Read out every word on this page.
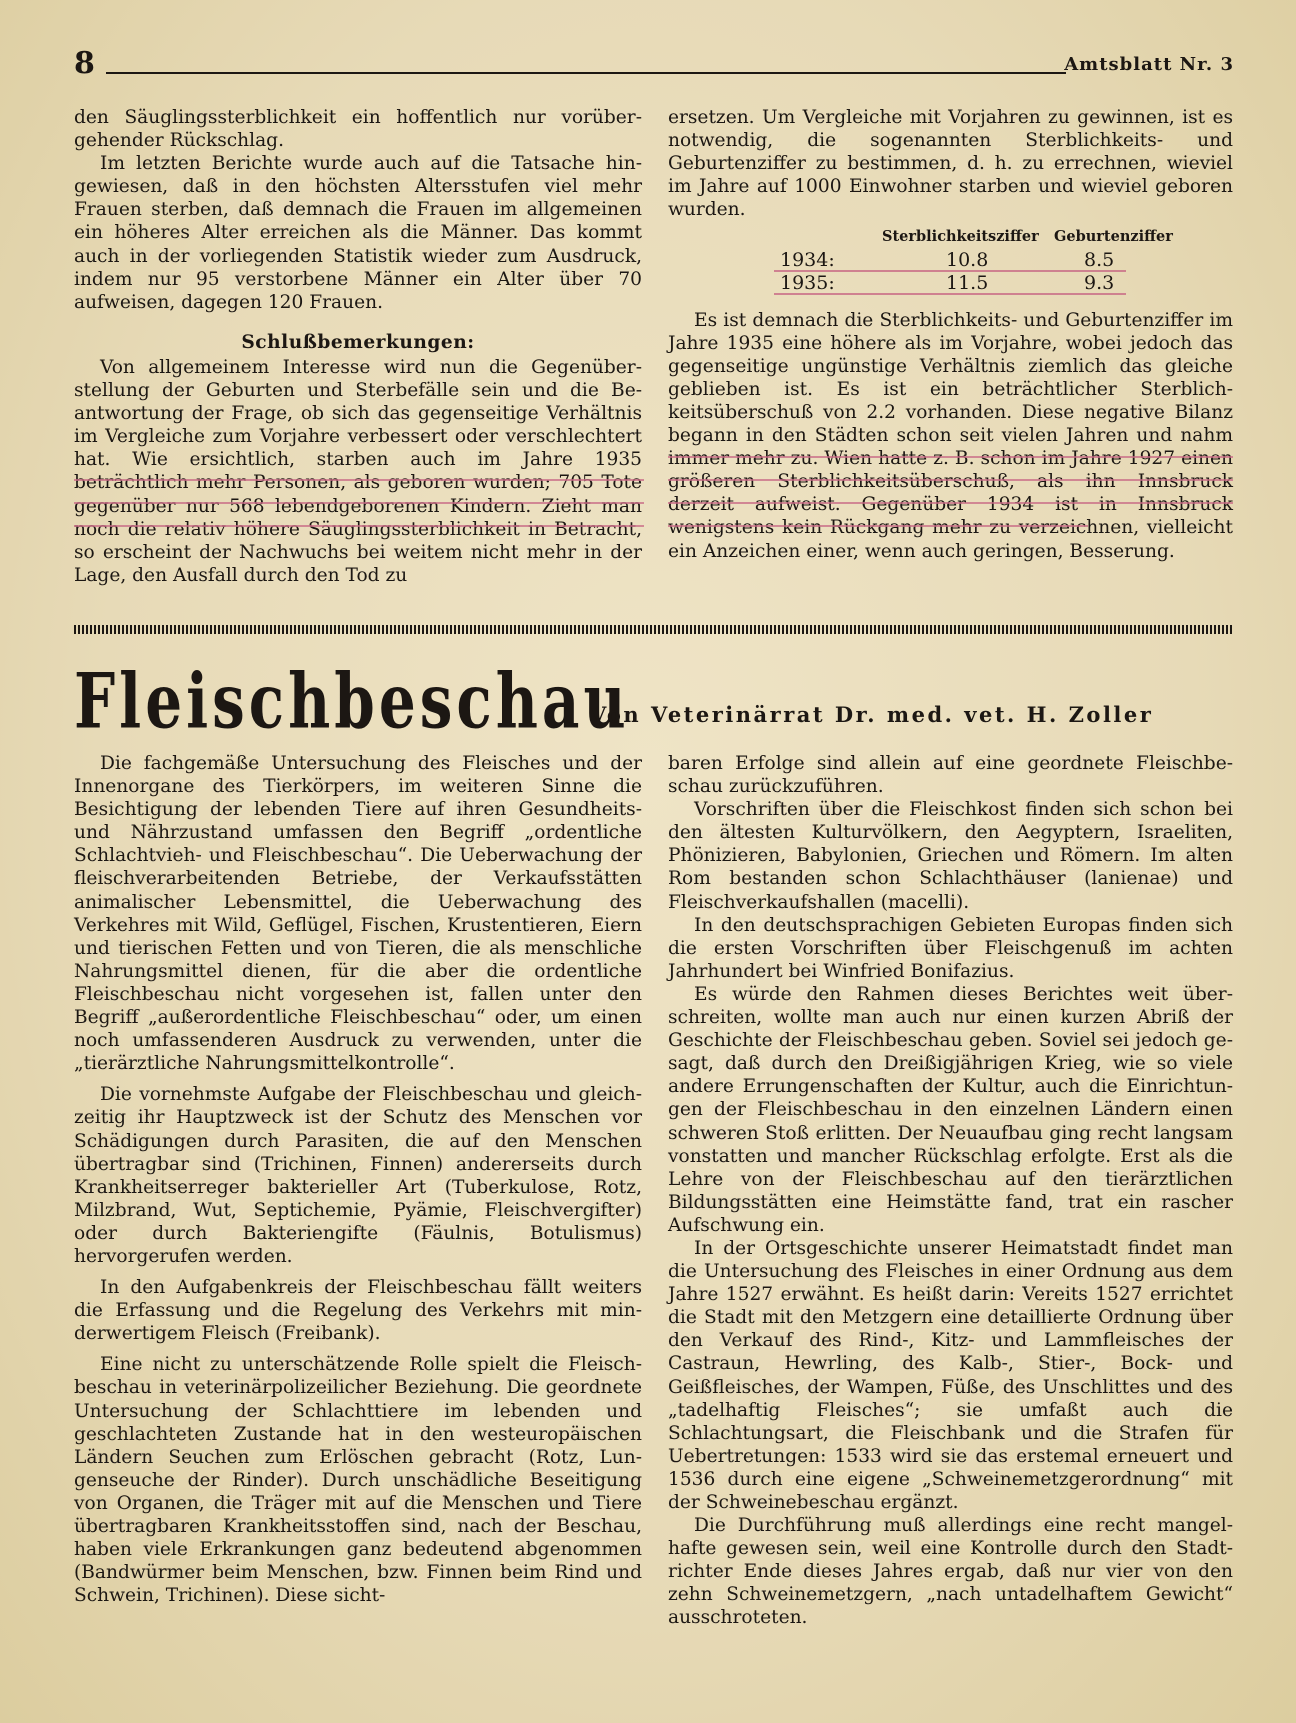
8	Amtsblatt Nr. 3

den Säuglingssterblichkeit ein hoffentlich nur vorübergehender Rückschlag.

Im letzten Berichte wurde auch auf die Tatsache hingewiesen, daß in den höchsten Altersstufen viel mehr Frauen sterben, daß demnach die Frauen im allgemeinen ein höheres Alter erreichen als die Männer. Das kommt auch in der vorliegenden Statistik wieder zum Ausdruck, indem nur 95 verstorbene Männer ein Alter über 70 aufweisen, dagegen 120 Frauen.

Schlußbemerkungen:

Von allgemeinem Interesse wird nun die Gegenüberstellung der Geburten und Sterbefälle sein und die Beantwortung der Frage, ob sich das gegenseitige Verhältnis im Vergleiche zum Vorjahre verbessert oder verschlechtert hat. Wie ersichtlich, starben auch im Jahre 1935 beträchtlich mehr Personen, als geboren wurden; 705 Tote gegenüber nur 568 lebendgeborenen Kindern. Zieht man noch die relativ höhere Säuglingssterblichkeit in Betracht, so erscheint der Nachwuchs bei weitem nicht mehr in der Lage, den Ausfall durch den Tod zu

ersetzen. Um Vergleiche mit Vorjahren zu gewinnen, ist es notwendig, die sogenannten Sterblichkeits- und Geburtenziffer zu bestimmen, d. h. zu errechnen, wieviel im Jahre auf 1000 Einwohner starben und wieviel geboren wurden.

Sterblichkeitsziffer	Geburtenziffer
1934:	10.8	8.5
1935:	11.5	9.3

Es ist demnach die Sterblichkeits- und Geburtenziffer im Jahre 1935 eine höhere als im Vorjahre, wobei jedoch das gegenseitige ungünstige Verhältnis ziemlich das gleiche geblieben ist. Es ist ein beträchtlicher Sterblichkeitsüberschuß von 2.2 vorhanden. Diese negative Bilanz begann in den Städten schon seit vielen Jahren und nahm immer mehr zu. Wien hatte z. B. schon im Jahre 1927 einen größeren Sterblichkeitsüberschuß, als ihn Innsbruck derzeit aufweist. Gegenüber 1934 ist in Innsbruck wenigstens kein Rückgang mehr zu verzeichnen, vielleicht ein Anzeichen einer, wenn auch geringen, Besserung.

Fleischbeschau
Von Veterinärrat Dr. med. vet. H. Zoller

Die fachgemäße Untersuchung des Fleisches und der Innenorgane des Tierkörpers, im weiteren Sinne die Besichtigung der lebenden Tiere auf ihren Gesundheits- und Nährzustand umfassen den Begriff „ordentliche Schlachtvieh- und Fleischbeschau“. Die Ueberwachung der fleischverarbeitenden Betriebe, der Verkaufsstätten animalischer Lebensmittel, die Ueberwachung des Verkehres mit Wild, Geflügel, Fischen, Krustentieren, Eiern und tierischen Fetten und von Tieren, die als menschliche Nahrungsmittel dienen, für die aber die ordentliche Fleischbeschau nicht vorgesehen ist, fallen unter den Begriff „außerordentliche Fleischbeschau“ oder, um einen noch umfassenderen Ausdruck zu verwenden, unter die „tierärztliche Nahrungsmittelkontrolle“.

Die vornehmste Aufgabe der Fleischbeschau und gleichzeitig ihr Hauptzweck ist der Schutz des Menschen vor Schädigungen durch Parasiten, die auf den Menschen übertragbar sind (Trichinen, Finnen) andererseits durch Krankheitserreger bakterieller Art (Tuberkulose, Rotz, Milzbrand, Wut, Septichemie, Pyämie, Fleischvergifter) oder durch Bakteriengifte (Fäulnis, Botulismus) hervorgerufen werden.

In den Aufgabenkreis der Fleischbeschau fällt weiters die Erfassung und die Regelung des Verkehrs mit minderwertigem Fleisch (Freibank).

Eine nicht zu unterschätzende Rolle spielt die Fleischbeschau in veterinärpolizeilicher Beziehung. Die geordnete Untersuchung der Schlachttiere im lebenden und geschlachteten Zustande hat in den westeuropäischen Ländern Seuchen zum Erlöschen gebracht (Rotz, Lungenseuche der Rinder). Durch unschädliche Beseitigung von Organen, die Träger mit auf die Menschen und Tiere übertragbaren Krankheitsstoffen sind, nach der Beschau, haben viele Erkrankungen ganz bedeutend abgenommen (Bandwürmer beim Menschen, bzw. Finnen beim Rind und Schwein, Trichinen). Diese sicht-

baren Erfolge sind allein auf eine geordnete Fleischbeschau zurückzuführen.

Vorschriften über die Fleischkost finden sich schon bei den ältesten Kulturvölkern, den Aegyptern, Israeliten, Phönizieren, Babylonien, Griechen und Römern. Im alten Rom bestanden schon Schlachthäuser (lanienae) und Fleischverkaufshallen (macelli).

In den deutschsprachigen Gebieten Europas finden sich die ersten Vorschriften über Fleischgenuß im achten Jahrhundert bei Winfried Bonifazius.

Es würde den Rahmen dieses Berichtes weit überschreiten, wollte man auch nur einen kurzen Abriß der Geschichte der Fleischbeschau geben. Soviel sei jedoch gesagt, daß durch den Dreißigjährigen Krieg, wie so viele andere Errungenschaften der Kultur, auch die Einrichtungen der Fleischbeschau in den einzelnen Ländern einen schweren Stoß erlitten. Der Neuaufbau ging recht langsam vonstatten und mancher Rückschlag erfolgte. Erst als die Lehre von der Fleischbeschau auf den tierärztlichen Bildungsstätten eine Heimstätte fand, trat ein rascher Aufschwung ein.

In der Ortsgeschichte unserer Heimatstadt findet man die Untersuchung des Fleisches in einer Ordnung aus dem Jahre 1527 erwähnt. Es heißt darin: Vereits 1527 errichtet die Stadt mit den Metzgern eine detaillierte Ordnung über den Verkauf des Rind-, Kitz- und Lammfleisches der Castraun, Hewrling, des Kalb-, Stier-, Bock- und Geißfleisches, der Wampen, Füße, des Unschlittes und des „tadelhaftig Fleisches“; sie umfaßt auch die Schlachtungsart, die Fleischbank und die Strafen für Uebertretungen: 1533 wird sie das erstemal erneuert und 1536 durch eine eigene „Schweinemetzgerordnung“ mit der Schweinebeschau ergänzt.

Die Durchführung muß allerdings eine recht mangelhafte gewesen sein, weil eine Kontrolle durch den Stadtrichter Ende dieses Jahres ergab, daß nur vier von den zehn Schweinemetzgern, „nach untadelhaftem Gewicht“ ausschroteten.
